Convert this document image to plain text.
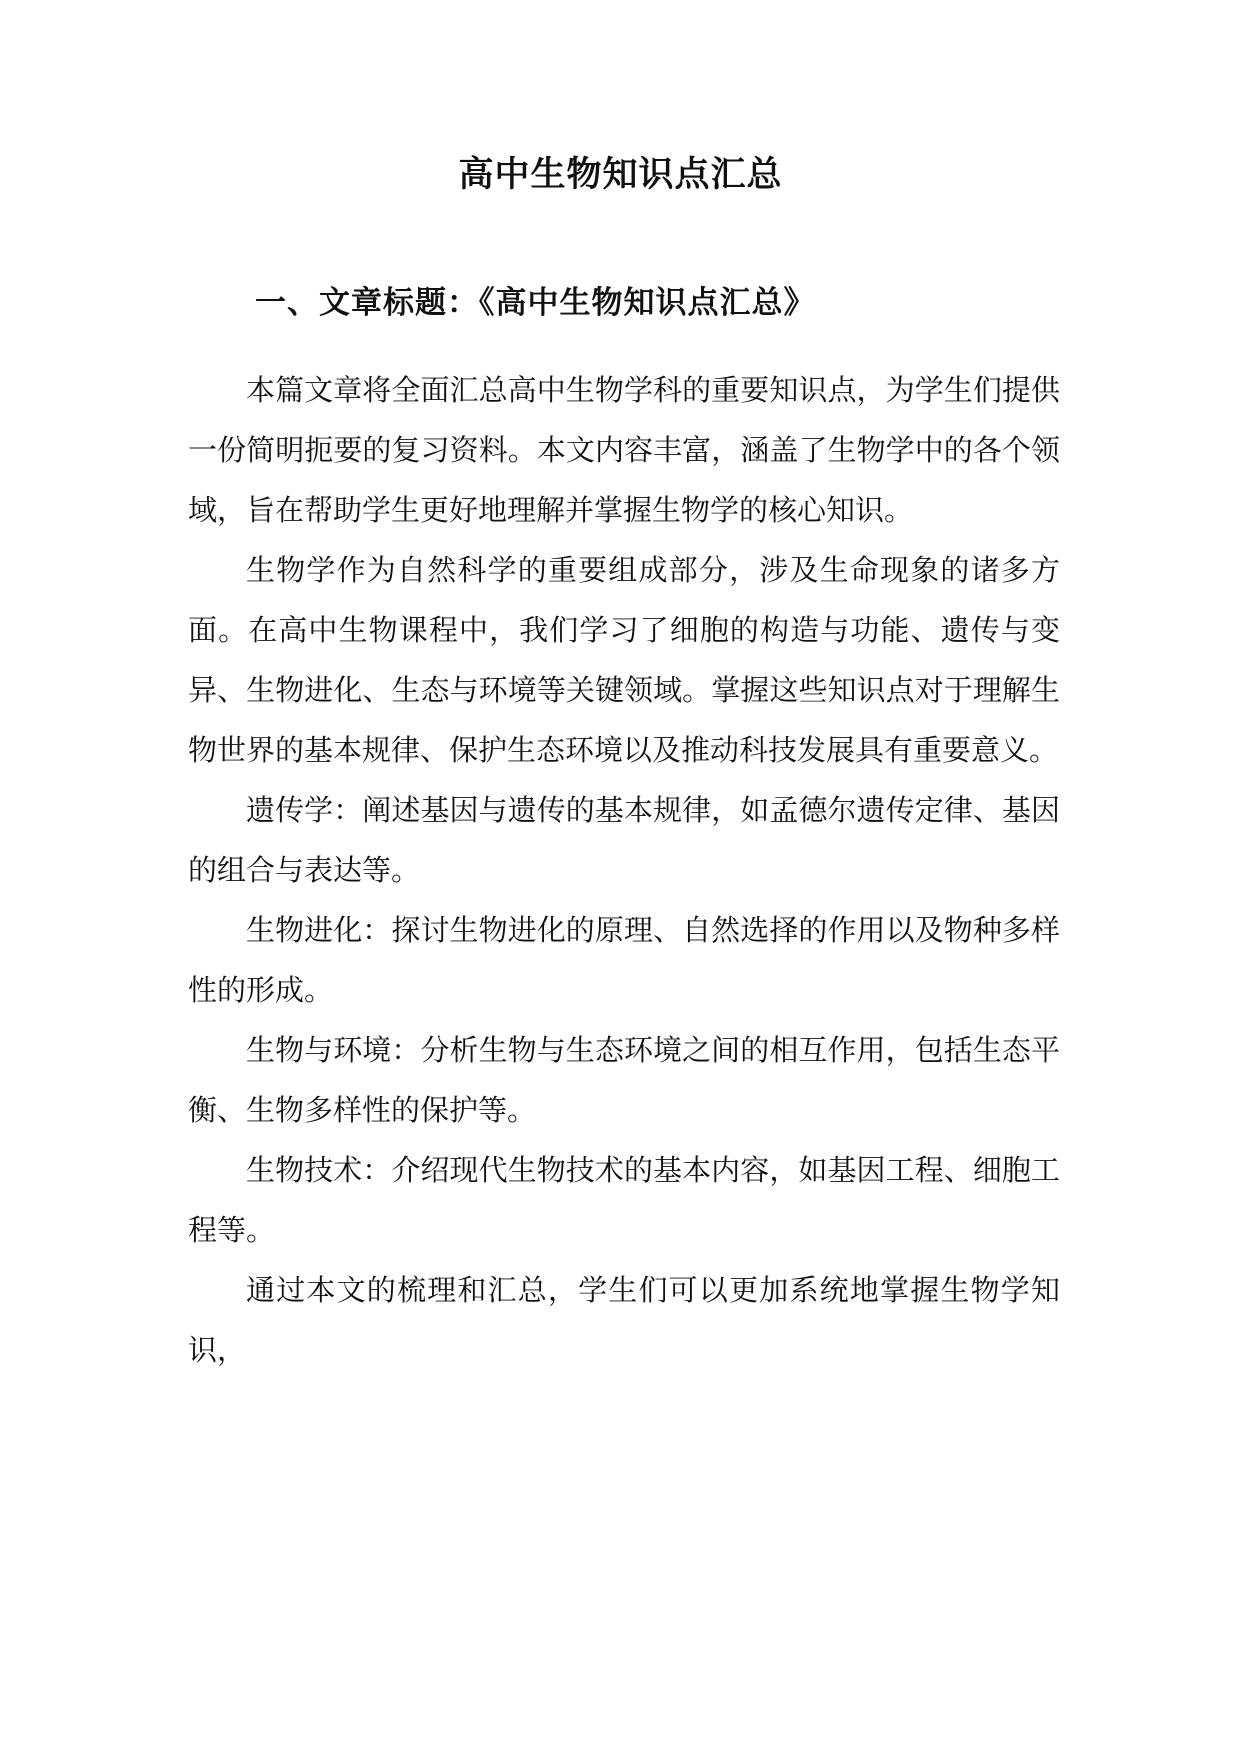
高中生物知识点汇总
一、文章标题：《高中生物知识点汇总》

本篇文章将全面汇总高中生物学科的重要知识点，为学生们提供一份简明扼要的复习资料。本文内容丰富，涵盖了生物学中的各个领域，旨在帮助学生更好地理解并掌握生物学的核心知识。

生物学作为自然科学的重要组成部分，涉及生命现象的诸多方面。在高中生物课程中，我们学习了细胞的构造与功能、遗传与变异、生物进化、生态与环境等关键领域。掌握这些知识点对于理解生物世界的基本规律、保护生态环境以及推动科技发展具有重要意义。

遗传学：阐述基因与遗传的基本规律，如孟德尔遗传定律、基因的组合与表达等。

生物进化：探讨生物进化的原理、自然选择的作用以及物种多样性的形成。

生物与环境：分析生物与生态环境之间的相互作用，包括生态平衡、生物多样性的保护等。

生物技术：介绍现代生物技术的基本内容，如基因工程、细胞工程等。

通过本文的梳理和汇总，学生们可以更加系统地掌握生物学知识，
